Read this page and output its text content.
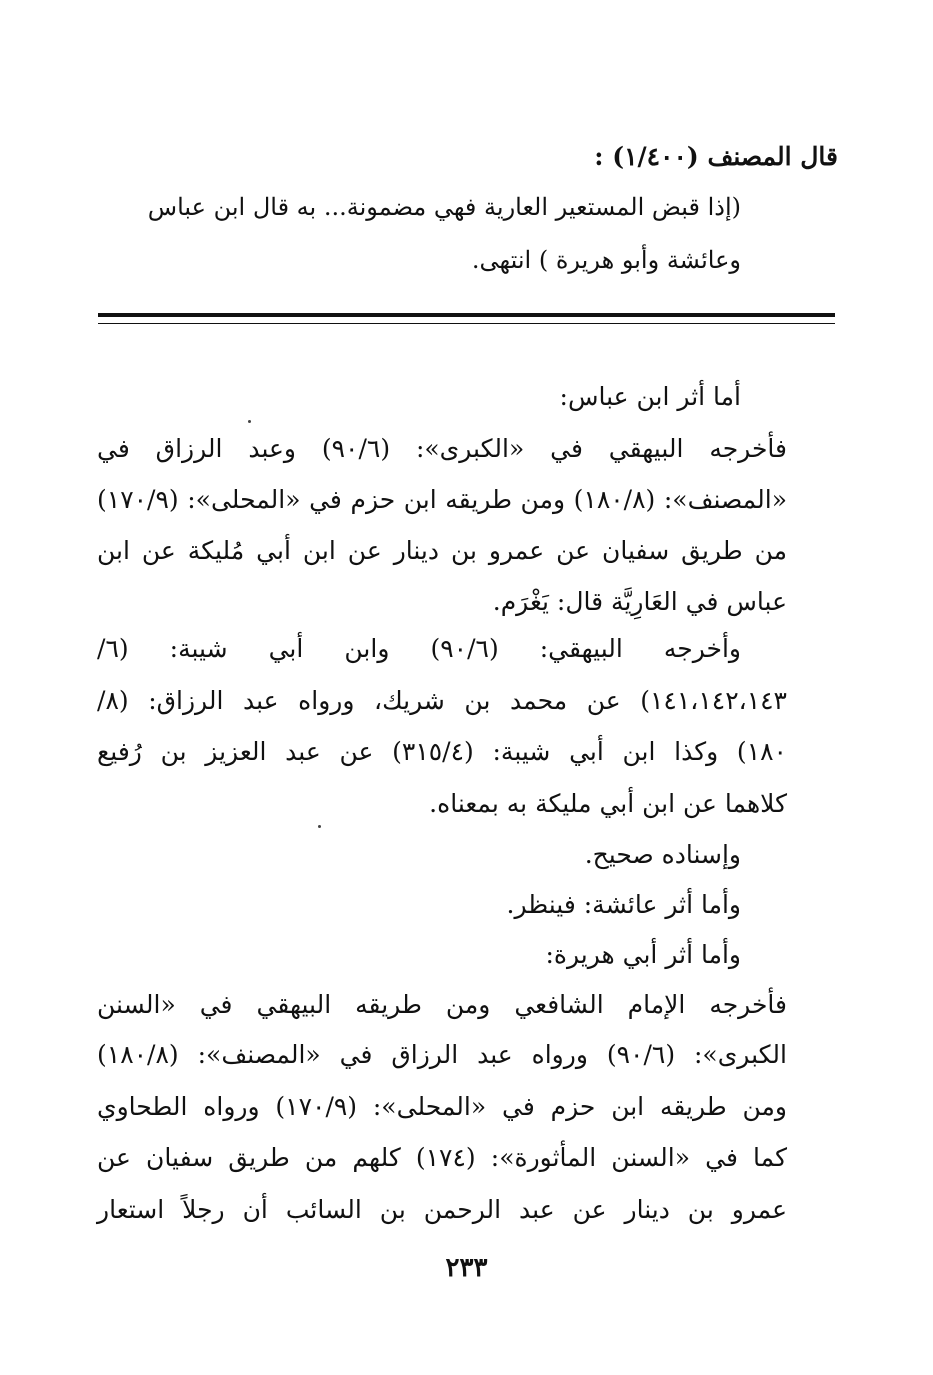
قال المصنف (١/٤٠٠) :
(إذا قبض المستعير العارية فهي مضمونة... به قال ابن عباس
وعائشة وأبو هريرة ) انتهى.
أما أثر ابن عباس:
فأخرجه البيهقي في «الكبرى»: (٩٠/٦) وعبد الرزاق في
«المصنف»: (١٨٠/٨) ومن طريقه ابن حزم في «المحلى»: (١٧٠/٩)
من طريق سفيان عن عمرو بن دينار عن ابن أبي مُليكة عن ابن
عباس في العَارِيَّة قال: يَغْرَم.
وأخرجه البيهقي: (٩٠/٦) وابن أبي شيبة: (٦/
١٤١،١٤٢،١٤٣) عن محمد بن شريك، ورواه عبد الرزاق: (٨/
١٨٠) وكذا ابن أبي شيبة: (٣١٥/٤) عن عبد العزيز بن رُفيع
كلاهما عن ابن أبي مليكة به بمعناه.
وإسناده صحيح.
وأما أثر عائشة: فينظر.
وأما أثر أبي هريرة:
فأخرجه الإمام الشافعي ومن طريقه البيهقي في «السنن
الكبرى»: (٩٠/٦) ورواه عبد الرزاق في «المصنف»: (١٨٠/٨)
ومن طريقه ابن حزم في «المحلى»: (١٧٠/٩) ورواه الطحاوي
كما في «السنن المأثورة»: (١٧٤) كلهم من طريق سفيان عن
عمرو بن دينار عن عبد الرحمن بن السائب أن رجلاً استعار
٢٣٣
